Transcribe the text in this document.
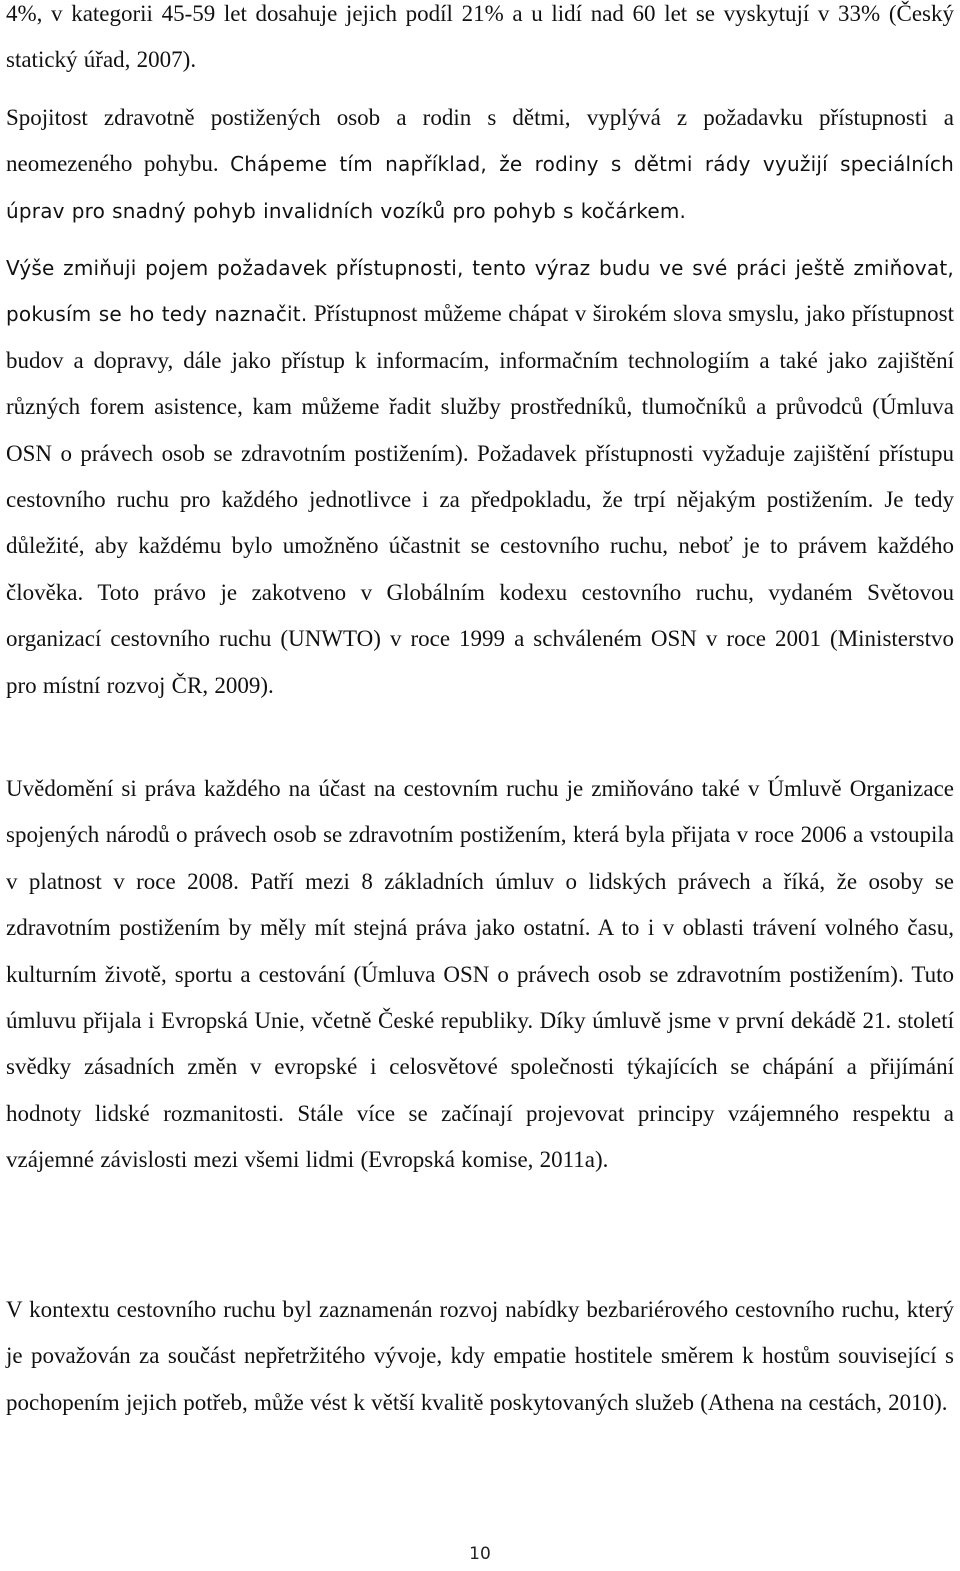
4%, v kategorii 45-59 let dosahuje jejich podíl 21% a u lidí nad 60 let se vyskytují v 33% (Český statický úřad, 2007).

Spojitost zdravotně postižených osob a rodin s dětmi, vyplývá z požadavku přístupnosti a neomezeného pohybu. Chápeme tím například, že rodiny s dětmi rády využijí speciálních úprav pro snadný pohyb invalidních vozíků pro pohyb s kočárkem.

Výše zmiňuji pojem požadavek přístupnosti, tento výraz budu ve své práci ještě zmiňovat, pokusím se ho tedy naznačit. Přístupnost můžeme chápat v širokém slova smyslu, jako přístupnost budov a dopravy, dále jako přístup k informacím, informačním technologiím a také jako zajištění různých forem asistence, kam můžeme řadit služby prostředníků, tlumočníků a průvodců (Úmluva OSN o právech osob se zdravotním postižením). Požadavek přístupnosti vyžaduje zajištění přístupu cestovního ruchu pro každého jednotlivce i za předpokladu, že trpí nějakým postižením. Je tedy důležité, aby každému bylo umožněno účastnit se cestovního ruchu, neboť je to právem každého člověka. Toto právo je zakotveno v Globálním kodexu cestovního ruchu, vydaném Světovou organizací cestovního ruchu (UNWTO) v roce 1999 a schváleném OSN v roce 2001 (Ministerstvo pro místní rozvoj ČR, 2009).

Uvědomění si práva každého na účast na cestovním ruchu je zmiňováno také v Úmluvě Organizace spojených národů o právech osob se zdravotním postižením, která byla přijata v roce 2006 a vstoupila v platnost v roce 2008. Patří mezi 8 základních úmluv o lidských právech a říká, že osoby se zdravotním postižením by měly mít stejná práva jako ostatní. A to i v oblasti trávení volného času, kulturním životě, sportu a cestování (Úmluva OSN o právech osob se zdravotním postižením). Tuto úmluvu přijala i Evropská Unie, včetně České republiky. Díky úmluvě jsme v první dekádě 21. století svědky zásadních změn v evropské i celosvětové společnosti týkajících se chápání a přijímání hodnoty lidské rozmanitosti. Stále více se začínají projevovat principy vzájemného respektu a vzájemné závislosti mezi všemi lidmi (Evropská komise, 2011a).

V kontextu cestovního ruchu byl zaznamenán rozvoj nabídky bezbariérového cestovního ruchu, který je považován za součást nepřetržitého vývoje, kdy empatie hostitele směrem k hostům související s pochopením jejich potřeb, může vést k větší kvalitě poskytovaných služeb (Athena na cestách, 2010).

10
